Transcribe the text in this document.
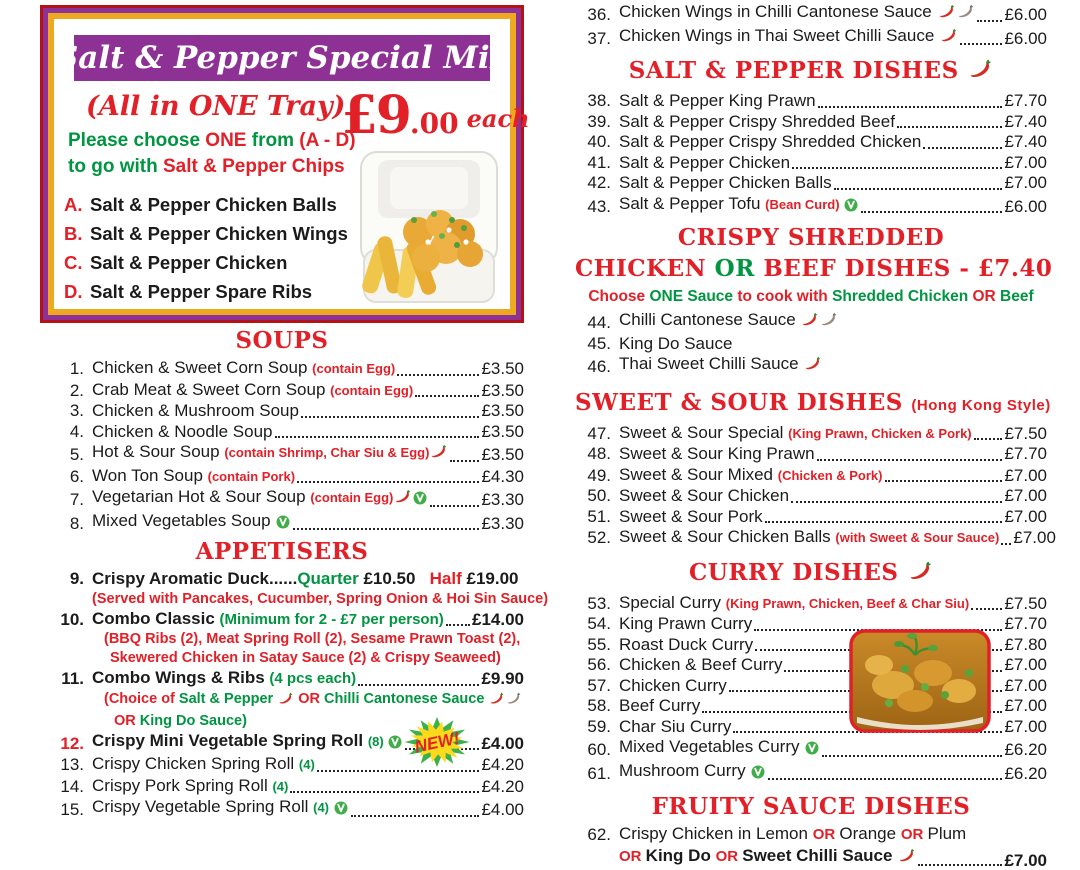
Salt & Pepper Special Mix
(All in ONE Tray)
Please choose ONE from (A - D)
to go with Salt & Pepper Chips
A. Salt & Pepper Chicken Balls
B. Salt & Pepper Chicken Wings
C. Salt & Pepper Chicken
D. Salt & Pepper Spare Ribs
£9 .00 each
SOUPS
1. Chicken & Sweet Corn Soup (contain Egg)	£3.50
2. Crab Meat & Sweet Corn Soup (contain Egg)	£3.50
3. Chicken & Mushroom Soup	£3.50
4. Chicken & Noodle Soup	£3.50
5. Hot & Sour Soup (contain Shrimp, Char Siu & Egg)	£3.50
6. Won Ton Soup (contain Pork)	£4.30
7. Vegetarian Hot & Sour Soup (contain Egg)	£3.30
8. Mixed Vegetables Soup	£3.30
APPETISERS
9. Crispy Aromatic Duck......Quarter £10.50 Half £19.00
(Served with Pancakes, Cucumber, Spring Onion & Hoi Sin Sauce)
10. Combo Classic (Minimum for 2 - £7 per person) £14.00
(BBQ Ribs (2), Meat Spring Roll (2), Sesame Prawn Toast (2),
Skewered Chicken in Satay Sauce (2) & Crispy Seaweed)
11. Combo Wings & Ribs (4 pcs each)	£9.90
(Choice of Salt & Pepper  OR Chilli Cantonese Sauce
OR King Do Sauce)
12. Crispy Mini Vegetable Spring Roll (8)	£4.00
NEW!
13. Crispy Chicken Spring Roll (4)	£4.20
14. Crispy Pork Spring Roll (4)	£4.20
15. Crispy Vegetable Spring Roll (4)	£4.00
36. Chicken Wings in Chilli Cantonese Sauce	£6.00
37. Chicken Wings in Thai Sweet Chilli Sauce	£6.00
SALT & PEPPER DISHES
38. Salt & Pepper King Prawn	£7.70
39. Salt & Pepper Crispy Shredded Beef	£7.40
40. Salt & Pepper Crispy Shredded Chicken	£7.40
41. Salt & Pepper Chicken	£7.00
42. Salt & Pepper Chicken Balls	£7.00
43. Salt & Pepper Tofu (Bean Curd)	£6.00
CRISPY SHREDDED
CHICKEN OR BEEF DISHES - £7.40
Choose ONE Sauce to cook with Shredded Chicken OR Beef
44. Chilli Cantonese Sauce
45. King Do Sauce
46. Thai Sweet Chilli Sauce
SWEET & SOUR DISHES (Hong Kong Style)
47. Sweet & Sour Special (King Prawn, Chicken & Pork) £7.50
48. Sweet & Sour King Prawn	£7.70
49. Sweet & Sour Mixed (Chicken & Pork)	£7.00
50. Sweet & Sour Chicken	£7.00
51. Sweet & Sour Pork	£7.00
52. Sweet & Sour Chicken Balls (with Sweet & Sour Sauce) £7.00
CURRY DISHES
53. Special Curry (King Prawn, Chicken, Beef & Char Siu) £7.50
54. King Prawn Curry	£7.70
55. Roast Duck Curry	£7.80
56. Chicken & Beef Curry	£7.00
57. Chicken Curry	£7.00
58. Beef Curry	£7.00
59. Char Siu Curry	£7.00
60. Mixed Vegetables Curry	£6.20
61. Mushroom Curry	£6.20
FRUITY SAUCE DISHES
62. Crispy Chicken in Lemon OR Orange OR Plum
OR King Do OR Sweet Chilli Sauce	£7.00
